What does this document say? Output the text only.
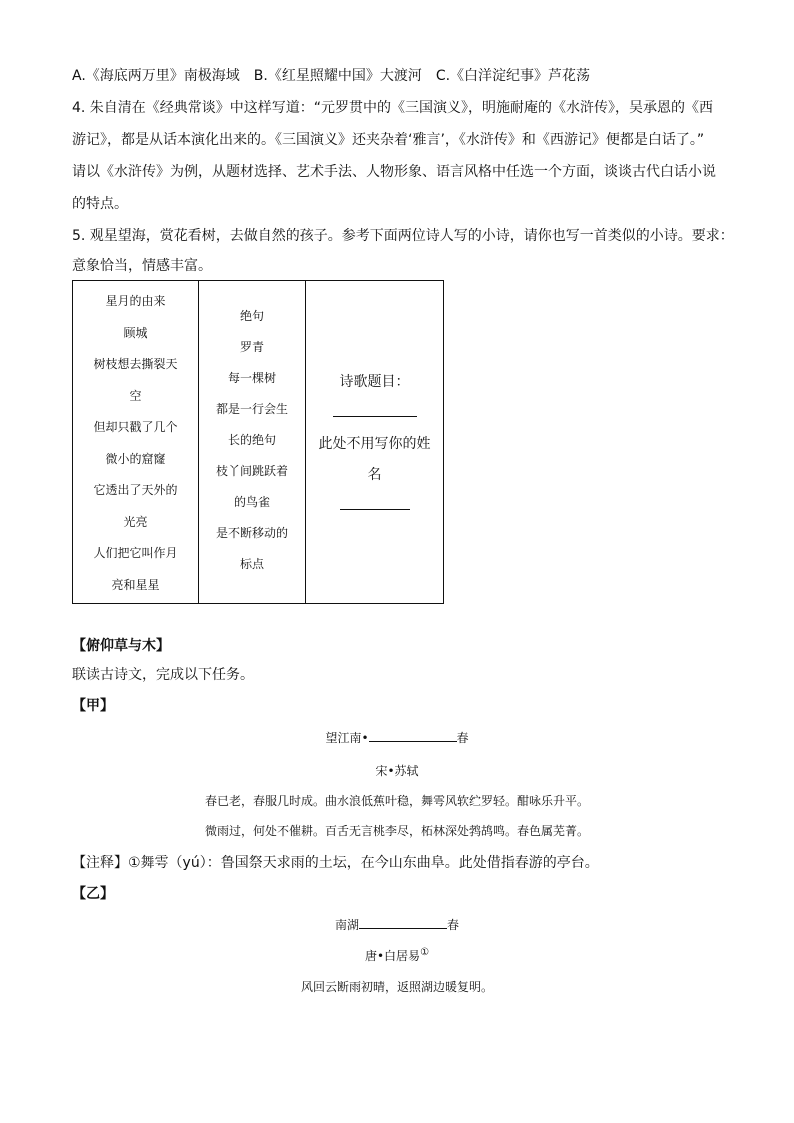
A.《海底两万里》南极海域　B.《红星照耀中国》大渡河　C.《白洋淀纪事》芦花荡
4. 朱自清在《经典常谈》中这样写道：“元罗贯中的《三国演义》，明施耐庵的《水浒传》，吴承恩的《西
游记》，都是从话本演化出来的。《三国演义》还夹杂着‘雅言’，《水浒传》和《西游记》便都是白话了。”
请以《水浒传》为例，从题材选择、艺术手法、人物形象、语言风格中任选一个方面，谈谈古代白话小说
的特点。
5. 观星望海，赏花看树，去做自然的孩子。参考下面两位诗人写的小诗，请你也写一首类似的小诗。要求：
意象恰当，情感丰富。
星月的由来
顾城
树枝想去撕裂天
空
但却只戳了几个
微小的窟窿
它透出了天外的
光亮
人们把它叫作月
亮和星星

绝句
罗青
每一棵树
都是一行会生
长的绝句
枝丫间跳跃着
的鸟雀
是不断移动的
标点

诗歌题目：
此处不用写你的姓
名
【俯仰草与木】
联读古诗文，完成以下任务。
【甲】
望江南•	春
宋•苏轼
春已老，春服几时成。曲水浪低蕉叶稳，舞雩风软纻罗轻。酣咏乐升平。
微雨过，何处不催耕。百舌无言桃李尽，柘林深处鹁鸪鸣。春色属芜菁。
【注释】①舞雩（yú）：鲁国祭天求雨的土坛，在今山东曲阜。此处借指春游的亭台。
【乙】
南湖	春
唐•白居易①
风回云断雨初晴，返照湖边暖复明。
